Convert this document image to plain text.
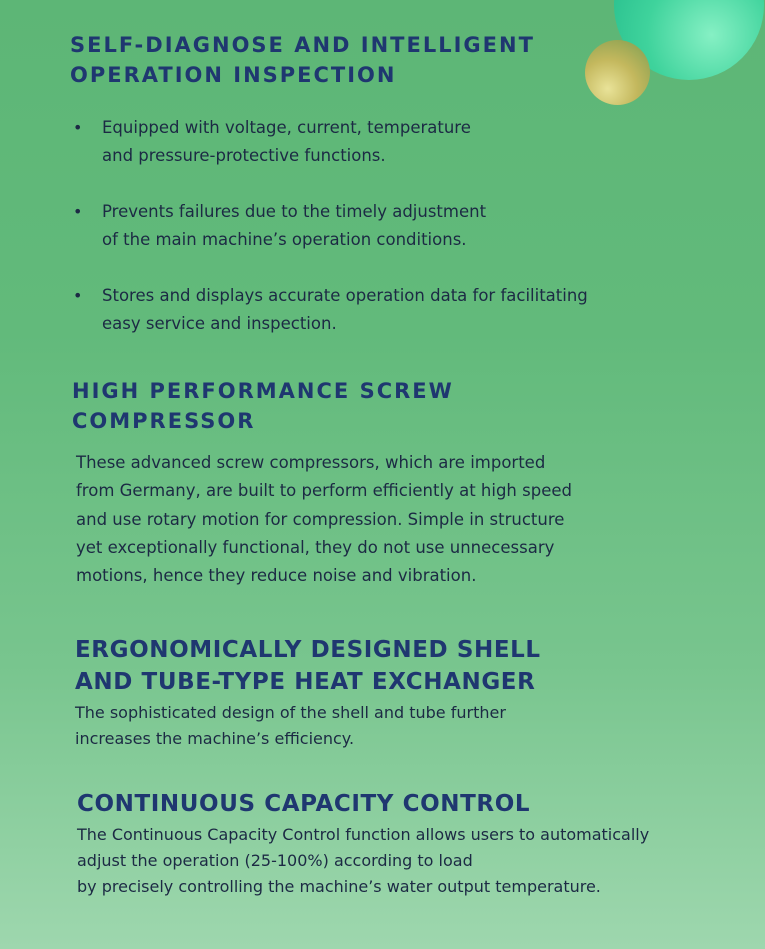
SELF-DIAGNOSE AND INTELLIGENT
OPERATION INSPECTION
• Equipped with voltage, current, temperature
and pressure-protective functions.
• Prevents failures due to the timely adjustment
of the main machine’s operation conditions.
• Stores and displays accurate operation data for facilitating
easy service and inspection.
HIGH PERFORMANCE SCREW
COMPRESSOR

These advanced screw compressors, which are imported
from Germany, are built to perform efficiently at high speed
and use rotary motion for compression. Simple in structure
yet exceptionally functional, they do not use unnecessary
motions, hence they reduce noise and vibration.

ERGONOMICALLY DESIGNED SHELL
AND TUBE-TYPE HEAT EXCHANGER

The sophisticated design of the shell and tube further
increases the machine’s efficiency.

CONTINUOUS CAPACITY CONTROL

The Continuous Capacity Control function allows users to automatically
adjust the operation (25-100%) according to load
by precisely controlling the machine’s water output temperature.
